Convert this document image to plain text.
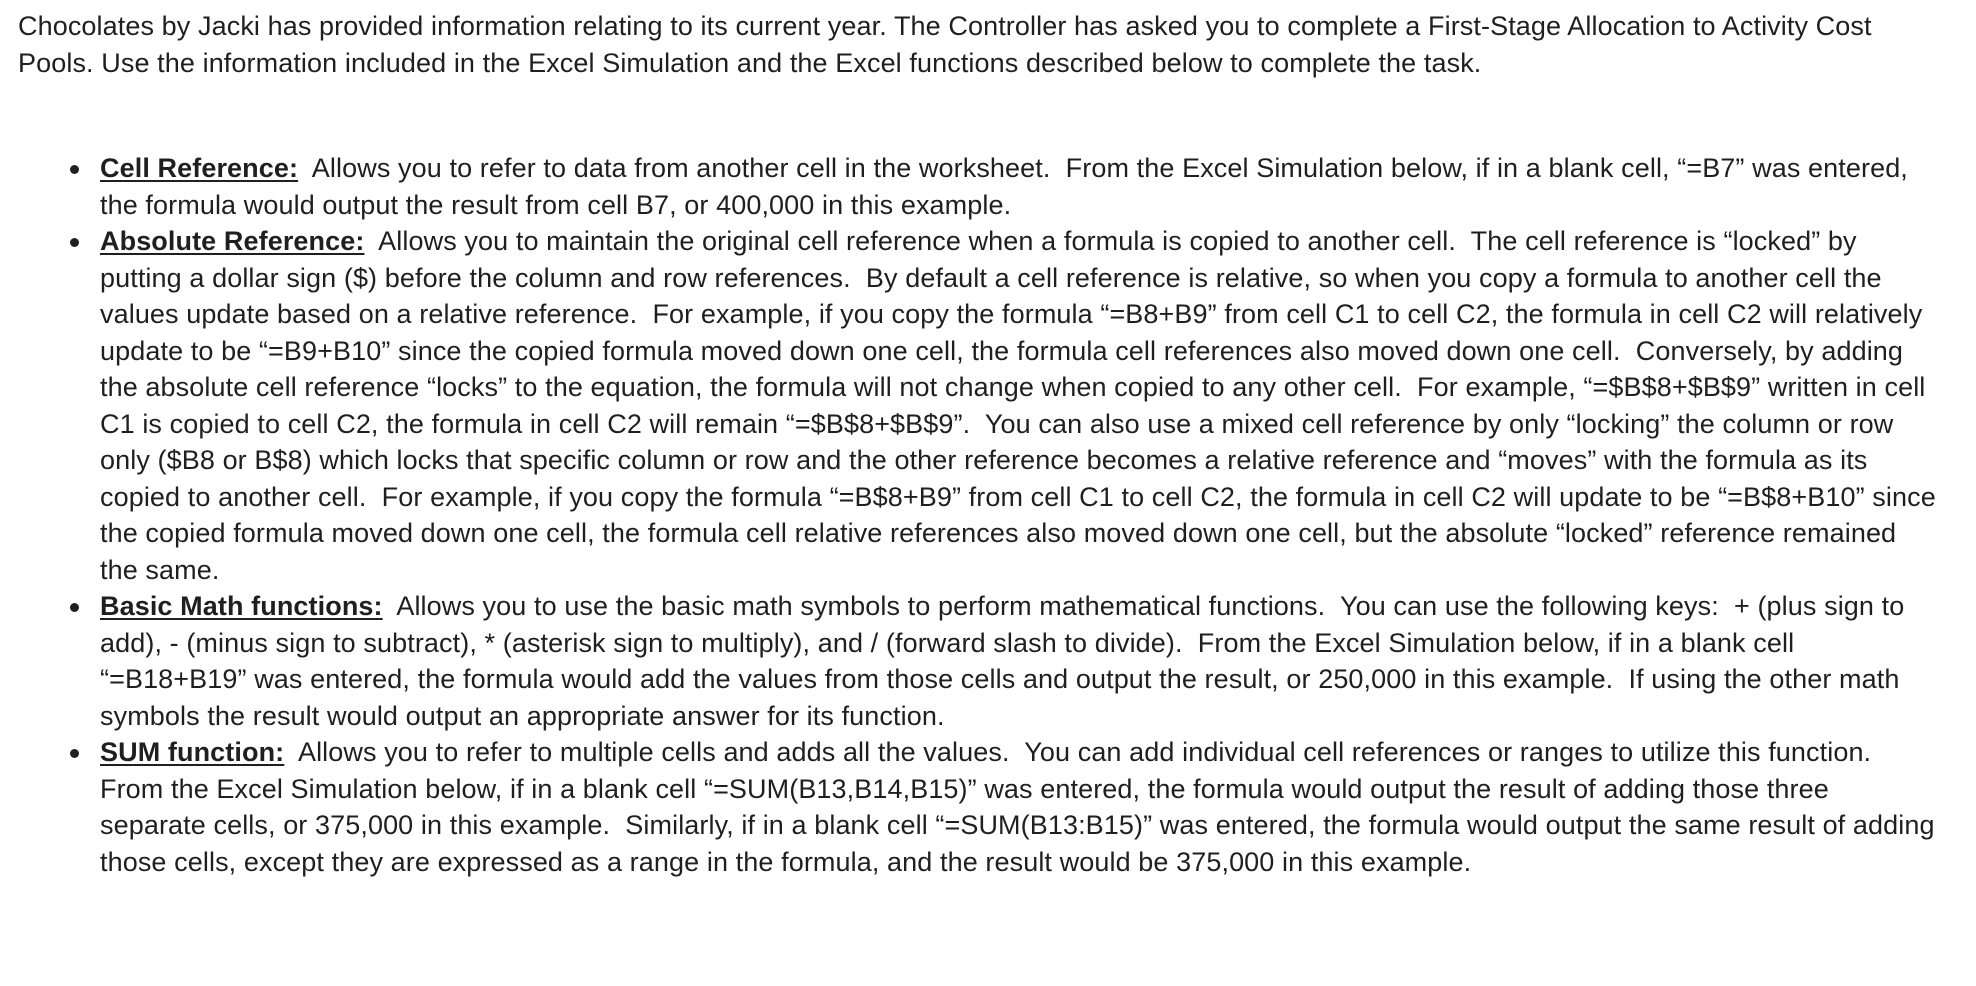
Chocolates by Jacki has provided information relating to its current year. The Controller has asked you to complete a First-Stage Allocation to Activity Cost Pools. Use the information included in the Excel Simulation and the Excel functions described below to complete the task.

Cell Reference:  Allows you to refer to data from another cell in the worksheet.  From the Excel Simulation below, if in a blank cell, “=B7” was entered, the formula would output the result from cell B7, or 400,000 in this example.
Absolute Reference:  Allows you to maintain the original cell reference when a formula is copied to another cell.  The cell reference is “locked” by putting a dollar sign ($) before the column and row references.  By default a cell reference is relative, so when you copy a formula to another cell the values update based on a relative reference.  For example, if you copy the formula “=B8+B9” from cell C1 to cell C2, the formula in cell C2 will relatively update to be “=B9+B10” since the copied formula moved down one cell, the formula cell references also moved down one cell.  Conversely, by adding the absolute cell reference “locks” to the equation, the formula will not change when copied to any other cell.  For example, “=$B$8+$B$9” written in cell C1 is copied to cell C2, the formula in cell C2 will remain “=$B$8+$B$9”.  You can also use a mixed cell reference by only “locking” the column or row only ($B8 or B$8) which locks that specific column or row and the other reference becomes a relative reference and “moves” with the formula as its copied to another cell.  For example, if you copy the formula “=B$8+B9” from cell C1 to cell C2, the formula in cell C2 will update to be “=B$8+B10” since the copied formula moved down one cell, the formula cell relative references also moved down one cell, but the absolute “locked” reference remained the same.
Basic Math functions:  Allows you to use the basic math symbols to perform mathematical functions.  You can use the following keys:  + (plus sign to add), - (minus sign to subtract), * (asterisk sign to multiply), and / (forward slash to divide).  From the Excel Simulation below, if in a blank cell “=B18+B19” was entered, the formula would add the values from those cells and output the result, or 250,000 in this example.  If using the other math symbols the result would output an appropriate answer for its function.
SUM function:  Allows you to refer to multiple cells and adds all the values.  You can add individual cell references or ranges to utilize this function.  From the Excel Simulation below, if in a blank cell “=SUM(B13,B14,B15)” was entered, the formula would output the result of adding those three separate cells, or 375,000 in this example.  Similarly, if in a blank cell “=SUM(B13:B15)” was entered, the formula would output the same result of adding those cells, except they are expressed as a range in the formula, and the result would be 375,000 in this example.
